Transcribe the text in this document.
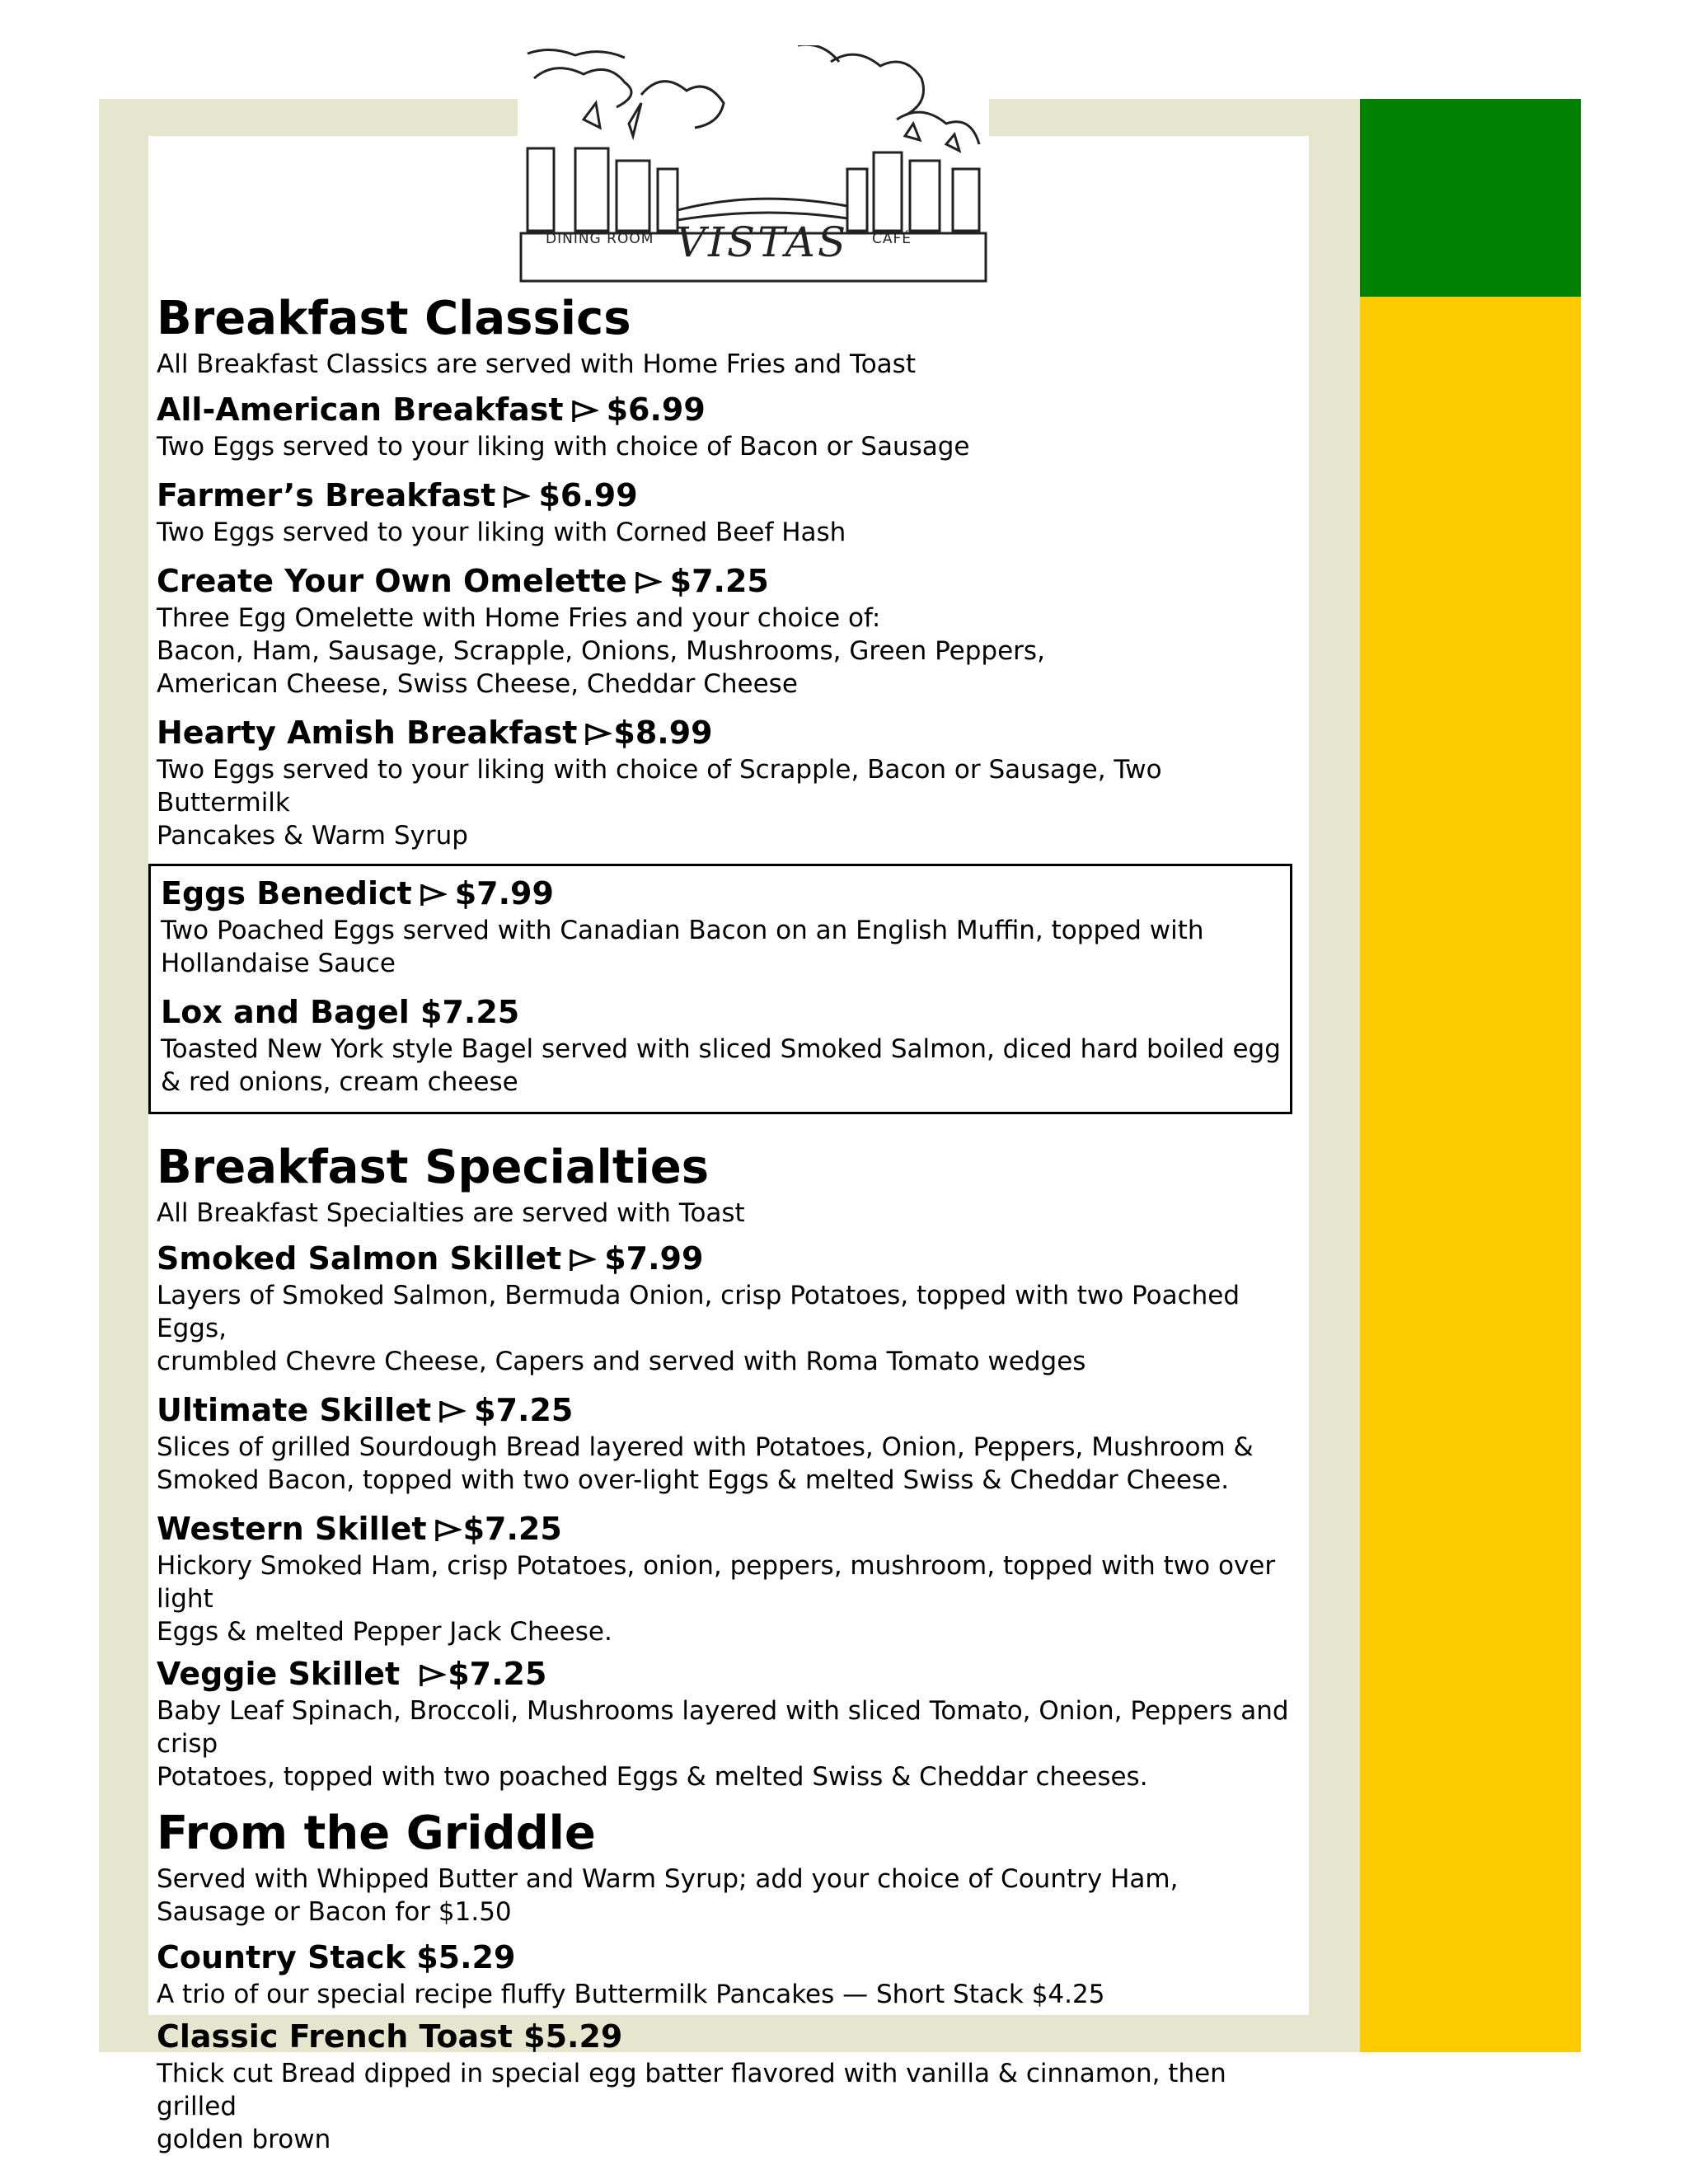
DINING ROOM VISTAS CAFÉ
Breakfast Classics
All Breakfast Classics are served with Home Fries and Toast
All-American Breakfast $6.99
Two Eggs served to your liking with choice of Bacon or Sausage
Farmer’s Breakfast $6.99
Two Eggs served to your liking with Corned Beef Hash
Create Your Own Omelette $7.25
Three Egg Omelette with Home Fries and your choice of:
Bacon, Ham, Sausage, Scrapple, Onions, Mushrooms, Green Peppers,
American Cheese, Swiss Cheese, Cheddar Cheese
Hearty Amish Breakfast $8.99
Two Eggs served to your liking with choice of Scrapple, Bacon or Sausage, Two Buttermilk
Pancakes & Warm Syrup
Eggs Benedict $7.99
Two Poached Eggs served with Canadian Bacon on an English Muffin, topped with
Hollandaise Sauce
Lox and Bagel $7.25
Toasted New York style Bagel served with sliced Smoked Salmon, diced hard boiled egg
& red onions, cream cheese
Breakfast Specialties
All Breakfast Specialties are served with Toast
Smoked Salmon Skillet $7.99
Layers of Smoked Salmon, Bermuda Onion, crisp Potatoes, topped with two Poached Eggs,
crumbled Chevre Cheese, Capers and served with Roma Tomato wedges
Ultimate Skillet $7.25
Slices of grilled Sourdough Bread layered with Potatoes, Onion, Peppers, Mushroom &
Smoked Bacon, topped with two over-light Eggs & melted Swiss & Cheddar Cheese.
Western Skillet $7.25
Hickory Smoked Ham, crisp Potatoes, onion, peppers, mushroom, topped with two over light
Eggs & melted Pepper Jack Cheese.
Veggie Skillet $7.25
Baby Leaf Spinach, Broccoli, Mushrooms layered with sliced Tomato, Onion, Peppers and crisp
Potatoes, topped with two poached Eggs & melted Swiss & Cheddar cheeses.
From the Griddle
Served with Whipped Butter and Warm Syrup; add your choice of Country Ham,
Sausage or Bacon for $1.50
Country Stack $5.29
A trio of our special recipe fluffy Buttermilk Pancakes — Short Stack $4.25
Classic French Toast $5.29
Thick cut Bread dipped in special egg batter flavored with vanilla & cinnamon, then grilled
golden brown
